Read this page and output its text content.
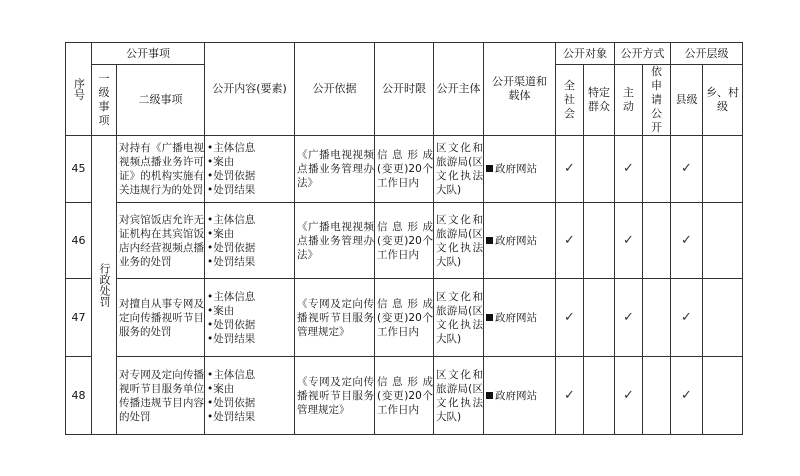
序号	公开事项		公开内容(要素)	公开依据	公开时限	公开主体	公开渠道和载体	公开对象		公开方式		公开层级	
	一级事项	二级事项						全社会	特定群众	主动	依申请公开	县级	乡、村级
45	行政处罚	对持有《广播电视视频点播业务许可证》的机构实施有关违规行为的处罚	• 主体信息
• 案由
• 处罚依据
• 处罚结果	《广播电视视频点播业务管理办法》	信息形成(变更)20个工作日内	区文化和旅游局(区文化执法大队)	政府网站	✓		✓		✓	
46		对宾馆饭店允许无证机构在其宾馆饭店内经营视频点播业务的处罚	• 主体信息
• 案由
• 处罚依据
• 处罚结果	《广播电视视频点播业务管理办法》	信息形成(变更)20个工作日内	区文化和旅游局(区文化执法大队)	政府网站	✓		✓		✓	
47		对擅自从事专网及定向传播视听节目服务的处罚	• 主体信息
• 案由
• 处罚依据
• 处罚结果	《专网及定向传播视听节目服务管理规定》	信息形成(变更)20个工作日内	区文化和旅游局(区文化执法大队)	政府网站	✓		✓		✓	
48		对专网及定向传播视听节目服务单位传播违规节目内容的处罚	• 主体信息
• 案由
• 处罚依据
• 处罚结果	《专网及定向传播视听节目服务管理规定》	信息形成(变更)20个工作日内	区文化和旅游局(区文化执法大队)	政府网站	✓		✓		✓	
